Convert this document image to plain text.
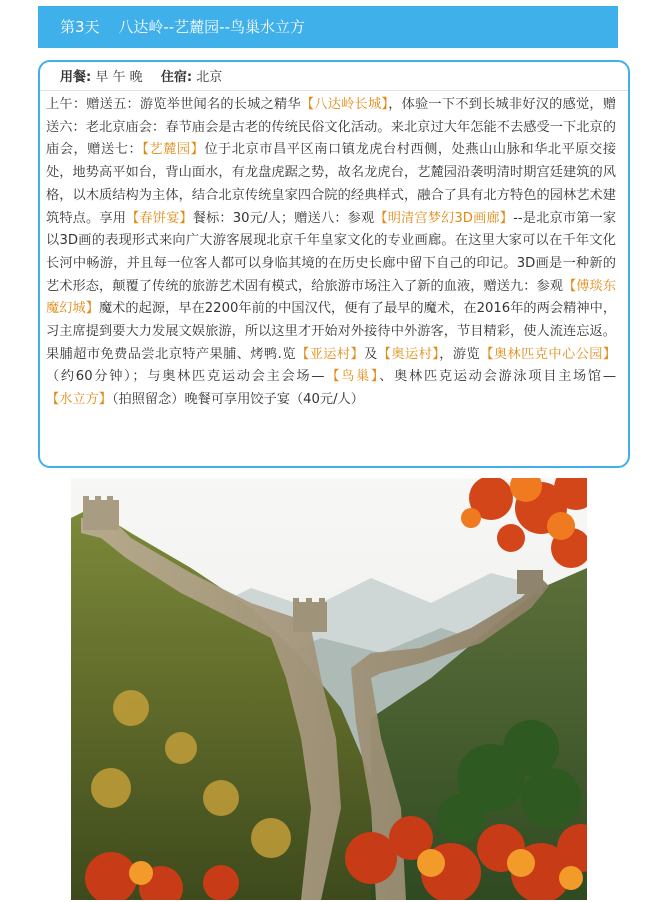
第3天 八达岭--艺麓园--鸟巢水立方
用餐: 早 午 晚 住宿: 北京
上午：赠送五：游览举世闻名的长城之精华【八达岭长城】，体验一下不到长城非好汉的感觉，赠送六：老北京庙会：春节庙会是古老的传统民俗文化活动。来北京过大年怎能不去感受一下北京的庙会，赠送七：【艺麓园】位于北京市昌平区南口镇龙虎台村西侧，处燕山山脉和华北平原交接处，地势高平如台，背山面水，有龙盘虎踞之势，故名龙虎台，艺麓园沿袭明清时期宫廷建筑的风格，以木质结构为主体，结合北京传统皇家四合院的经典样式，融合了具有北方特色的园林艺术建筑特点。享用【春饼宴】餐标：30元/人；赠送八：参观【明清宫梦幻3D画廊】--是北京市第一家以3D画的表现形式来向广大游客展现北京千年皇家文化的专业画廊。在这里大家可以在千年文化长河中畅游，并且每一位客人都可以身临其境的在历史长廊中留下自己的印记。3D画是一种新的艺术形态，颠覆了传统的旅游艺术固有模式，给旅游市场注入了新的血液，赠送九：参观【傅琰东魔幻城】魔术的起源，早在2200年前的中国汉代，便有了最早的魔术，在2016年的两会精神中，习主席提到要大力发展文娱旅游，所以这里才开始对外接待中外游客，节目精彩，使人流连忘返。果脯超市免费品尝北京特产果脯、烤鸭.览【亚运村】及【奥运村】，游览【奥林匹克中心公园】（约60分钟）；与奥林匹克运动会主会场—【鸟巢】、奥林匹克运动会游泳项目主场馆—【水立方】（拍照留念）晚餐可享用饺子宴（40元/人）
